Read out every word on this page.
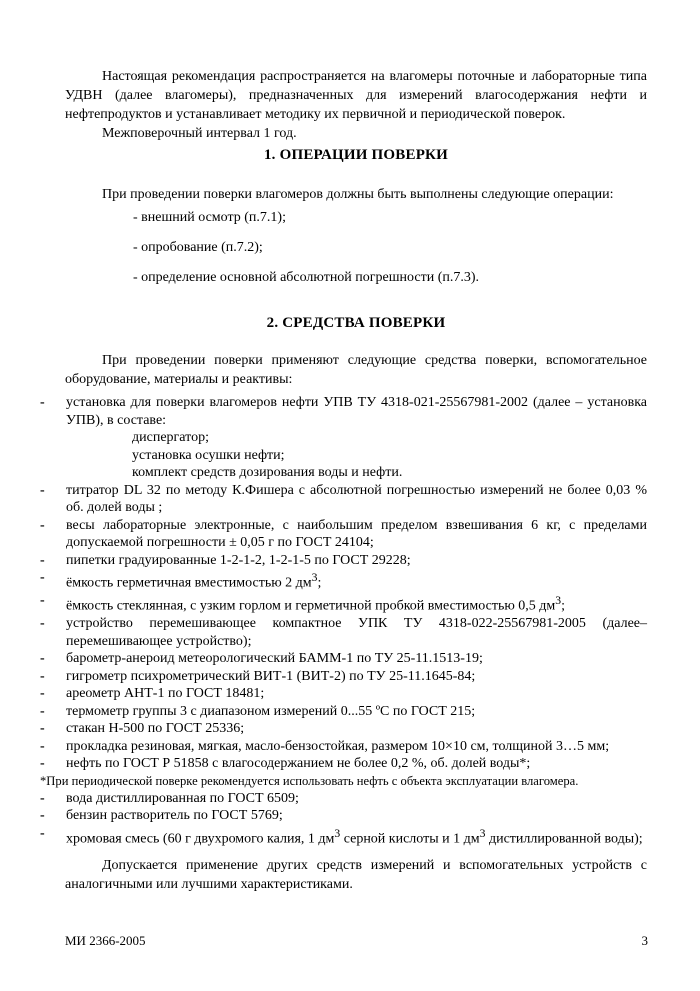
Настоящая рекомендация распространяется на влагомеры поточные и лабораторные типа УДВН (далее влагомеры), предназначенных для измерений влагосодержания нефти и нефтепродуктов и устанавливает методику их первичной и периодической поверок.

Межповерочный интервал 1 год.

1. ОПЕРАЦИИ ПОВЕРКИ

При проведении поверки влагомеров должны быть выполнены следующие операции:

- внешний осмотр (п.7.1);
- опробование (п.7.2);
- определение основной абсолютной погрешности (п.7.3).
2. СРЕДСТВА ПОВЕРКИ

При проведении поверки применяют следующие средства поверки, вспомогательное оборудование, материалы и реактивы:

- установка для поверки влагомеров нефти УПВ ТУ 4318-021-25567981-2002 (далее – установка УПВ), в составе:
диспергатор;
установка осушки нефти;
комплект средств дозирования воды и нефти.
- титратор DL 32 по методу К.Фишера с абсолютной погрешностью измерений не более 0,03 % об. долей воды ;
- весы лабораторные электронные, с наибольшим пределом взвешивания 6 кг, с пределами допускаемой погрешности ± 0,05 г по ГОСТ 24104;
- пипетки градуированные 1-2-1-2, 1-2-1-5 по ГОСТ 29228;
- ёмкость герметичная вместимостью 2 $дм^3$;
- ёмкость стеклянная, с узким горлом и герметичной пробкой вместимостью 0,5 $дм^3$;
- устройство перемешивающее компактное УПК ТУ 4318-022-25567981-2005 (далее– перемешивающее устройство);
- барометр-анероид метеорологический БАММ-1 по ТУ 25-11.1513-19;
- гигрометр психрометрический ВИТ-1 (ВИТ-2) по ТУ 25-11.1645-84;
- ареометр АНТ-1 по ГОСТ 18481;
- термометр группы 3 с диапазоном измерений 0...55 ºС по ГОСТ 215;
- стакан Н-500 по ГОСТ 25336;
- прокладка резиновая, мягкая, масло-бензостойкая, размером 10×10 см, толщиной 3…5 мм;
- нефть по ГОСТ Р 51858 с влагосодержанием не более 0,2 %, об. долей воды*;
*При периодической поверке рекомендуется использовать нефть с объекта эксплуатации влагомера.
- вода дистиллированная по ГОСТ 6509;
- бензин растворитель по ГОСТ 5769;
- хромовая смесь (60 г двухромого калия, 1 $дм^3$ серной кислоты и 1 $дм^3$ дистиллированной воды);

Допускается применение других средств измерений и вспомогательных устройств с аналогичными или лучшими характеристиками.

МИ 2366-2005	3
